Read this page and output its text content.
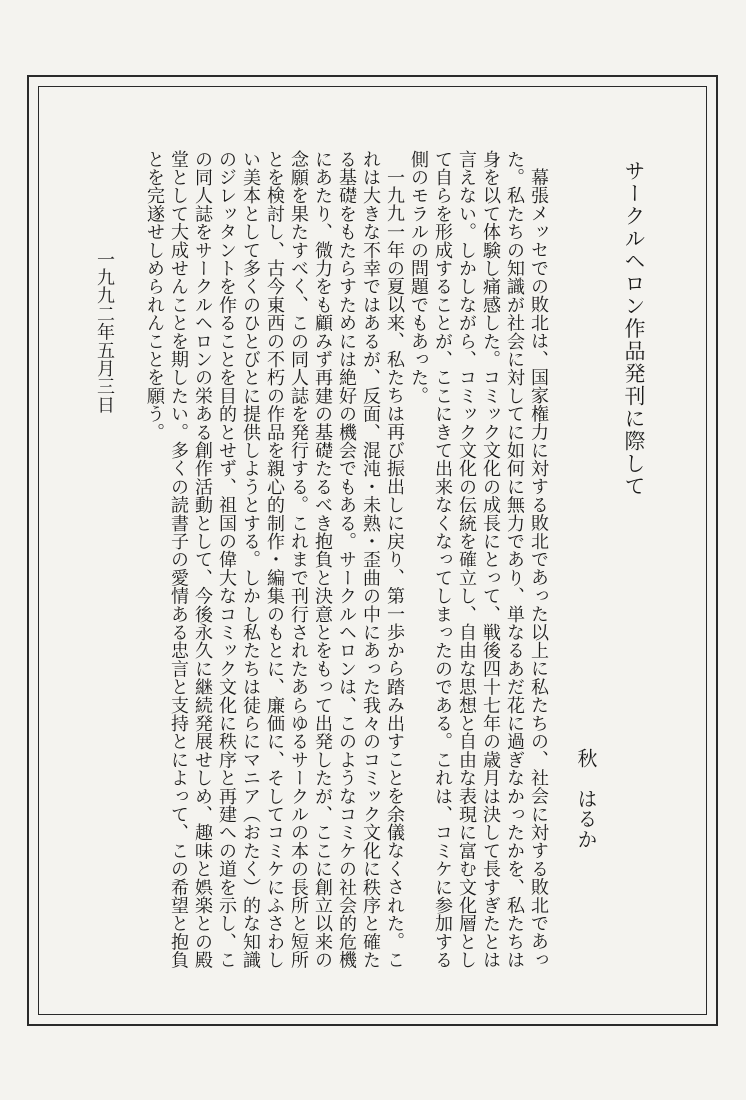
サークルヘロン作品発刊に際して
秋　はるか
幕張メッセでの敗北は、国家権力に対する敗北であった以上に私たちの、社会に対する敗北であった。私たちの知識が社会に対してに如何に無力であり、単なるあだ花に過ぎなかったかを、私たちは身を以て体験し痛感した。コミック文化の成長にとって、戦後四十七年の歳月は決して長すぎたとは言えない。しかしながら、コミック文化の伝統を確立し、自由な思想と自由な表現に富む文化層として自らを形成することが、ここにきて出来なくなってしまったのである。これは、コミケに参加する側のモラルの問題でもあった。
一九九一年の夏以来、私たちは再び振出しに戻り、第一歩から踏み出すことを余儀なくされた。これは大きな不幸ではあるが、反面、混沌・未熟・歪曲の中にあった我々のコミック文化に秩序と確たる基礎をもたらすためには絶好の機会でもある。サークルヘロンは、このようなコミケの社会的危機にあたり、微力をも顧みず再建の基礎たるべき抱負と決意とをもって出発したが、ここに創立以来の念願を果たすべく、この同人誌を発行する。これまで刊行されたあらゆるサークルの本の長所と短所とを検討し、古今東西の不朽の作品を親心的制作・編集のもとに、廉価に、そしてコミケにふさわしい美本として多くのひとびとに提供しようとする。しかし私たちは徒らにマニア（おたく）的な知識のジレッタントを作ることを目的とせず、祖国の偉大なコミック文化に秩序と再建への道を示し、この同人誌をサークルヘロンの栄ある創作活動として、今後永久に継続発展せしめ、趣味と娯楽との殿堂として大成せんことを期したい。多くの読書子の愛情ある忠言と支持とによって、この希望と抱負とを完遂せしめられんことを願う。
一九九二年五月三日
